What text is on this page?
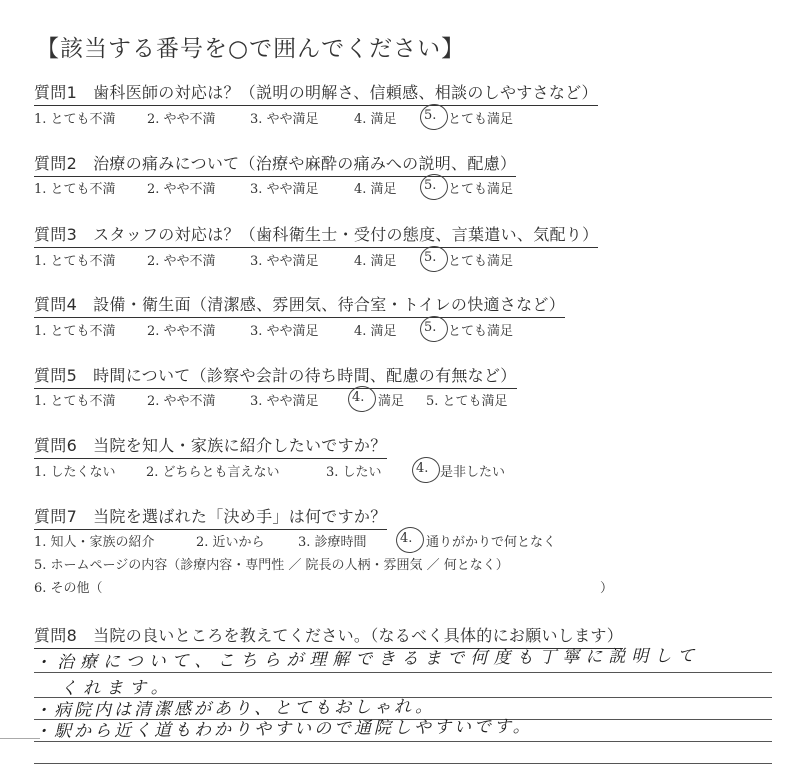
【該当する番号を○で囲んでください】
質問1 歯科医師の対応は？（説明の明解さ、信頼感、相談のしやすさなど）
1. とても不満 2. やや不満	3. やや満足	4. 満足 5. とても満足
質問2 治療の痛みについて（治療や麻酔の痛みへの説明、配慮）
1. とても不満 2. やや不満	3. やや満足	4. 満足 5. とても満足
質問3 スタッフの対応は？（歯科衛生士・受付の態度、言葉遣い、気配り）
1. とても不満 2. やや不満	3. やや満足	4. 満足 5. とても満足
質問4 設備・衛生面（清潔感、雰囲気、待合室・トイレの快適さなど）
1. とても不満 2. やや不満	3. やや満足	4. 満足 5. とても満足
質問5 時間について（診察や会計の待ち時間、配慮の有無など）
1. とても不満 2. やや不満	3. やや満足	4. 満足 5. とても満足
質問6 当院を知人・家族に紹介したいですか？
1. したくない 2. どちらとも言えない	3. したい	4. 是非したい
質問7 当院を選ばれた「決め手」は何ですか？
1. 知人・家族の紹介	2. 近いから	3. 診療時間	4. 通りがかりで何となく
5. ホームページの内容（診療内容・専門性 ／ 院長の人柄・雰囲気 ／ 何となく）
6. その他（	）
質問8 当院の良いところを教えてください。（なるべく具体的にお願いします）
・治療について、こちらが理解できるまで何度も丁寧に説明して
くれます。
・病院内は清潔感があり、とてもおしゃれ。
・駅から近く道もわかりやすいので通院しやすいです。
